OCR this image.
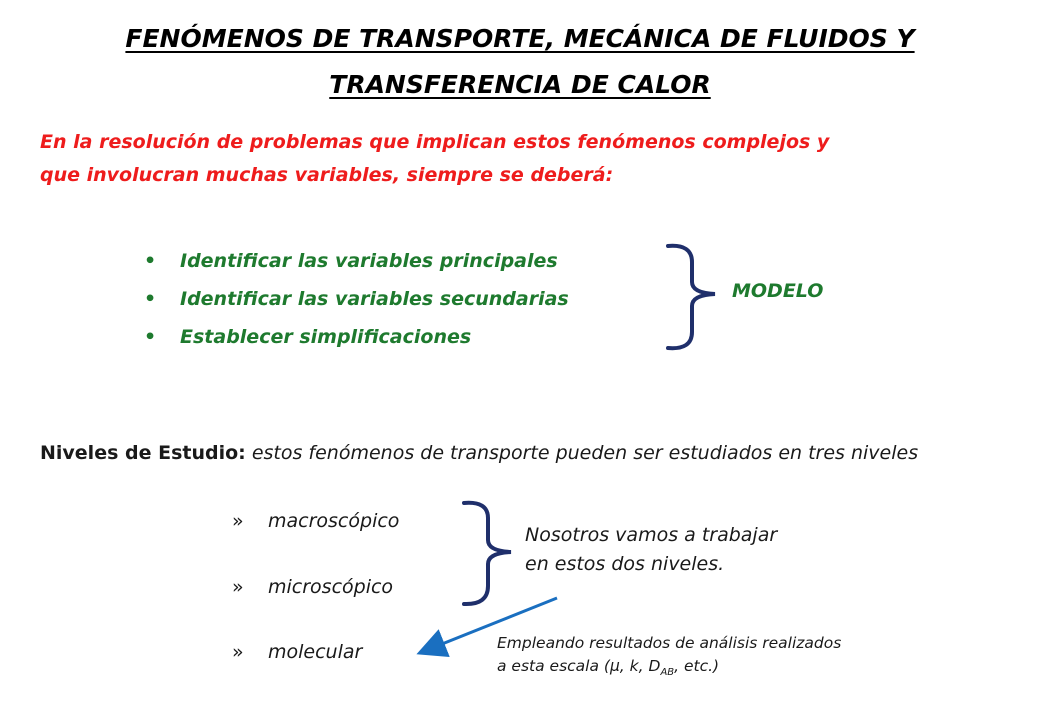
FENÓMENOS DE TRANSPORTE, MECÁNICA DE FLUIDOS Y
TRANSFERENCIA DE CALOR
En la resolución de problemas que implican estos fenómenos complejos y
que involucran muchas variables, siempre se deberá:
• Identificar las variables principales
• Identificar las variables secundarias
• Establecer simplificaciones
MODELO
Niveles de Estudio: estos fenómenos de transporte pueden ser estudiados en tres niveles
» macroscópico
» microscópico
» molecular
Nosotros vamos a trabajar
en estos dos niveles.
Empleando resultados de análisis realizados
a esta escala (μ, k, $D_{AB}$, etc.)
